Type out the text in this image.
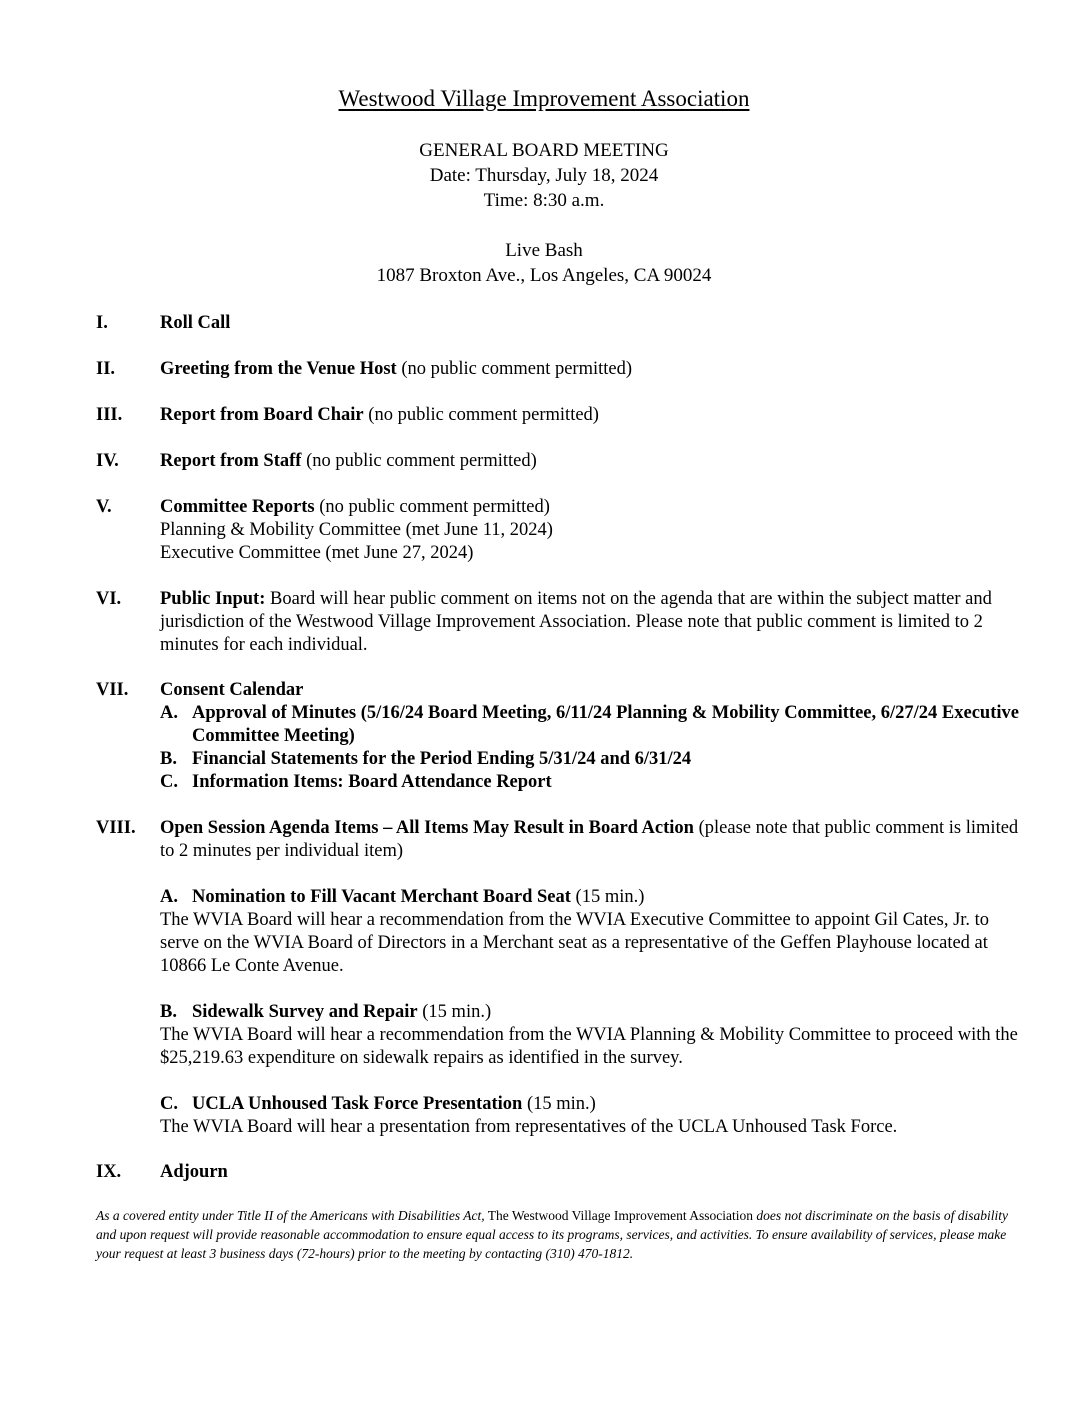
Westwood Village Improvement Association
GENERAL BOARD MEETING
Date: Thursday, July 18, 2024
Time: 8:30 a.m.
Live Bash
1087 Broxton Ave., Los Angeles, CA 90024
I.	Roll Call
II. Greeting from the Venue Host (no public comment permitted)
III. Report from Board Chair (no public comment permitted)
IV. Report from Staff (no public comment permitted)
V.	Committee Reports (no public comment permitted)
Planning & Mobility Committee (met June 11, 2024)
Executive Committee (met June 27, 2024)
VI. Public Input: Board will hear public comment on items not on the agenda that are within the subject matter and jurisdiction of the Westwood Village Improvement Association. Please note that public comment is limited to 2 minutes for each individual.
VII. Consent Calendar
A. Approval of Minutes (5/16/24 Board Meeting, 6/11/24 Planning & Mobility Committee, 6/27/24 Executive Committee Meeting)
B. Financial Statements for the Period Ending 5/31/24 and 6/31/24
C. Information Items: Board Attendance Report
VIII. Open Session Agenda Items – All Items May Result in Board Action (please note that public comment is limited to 2 minutes per individual item)
A. Nomination to Fill Vacant Merchant Board Seat (15 min.)
The WVIA Board will hear a recommendation from the WVIA Executive Committee to appoint Gil Cates, Jr. to serve on the WVIA Board of Directors in a Merchant seat as a representative of the Geffen Playhouse located at 10866 Le Conte Avenue.
B. Sidewalk Survey and Repair (15 min.)
The WVIA Board will hear a recommendation from the WVIA Planning & Mobility Committee to proceed with the $25,219.63 expenditure on sidewalk repairs as identified in the survey.
C. UCLA Unhoused Task Force Presentation (15 min.)
The WVIA Board will hear a presentation from representatives of the UCLA Unhoused Task Force.
IX. Adjourn
As a covered entity under Title II of the Americans with Disabilities Act, The Westwood Village Improvement Association does not discriminate on the basis of disability and upon request will provide reasonable accommodation to ensure equal access to its programs, services, and activities. To ensure availability of services, please make your request at least 3 business days (72-hours) prior to the meeting by contacting (310) 470-1812.
